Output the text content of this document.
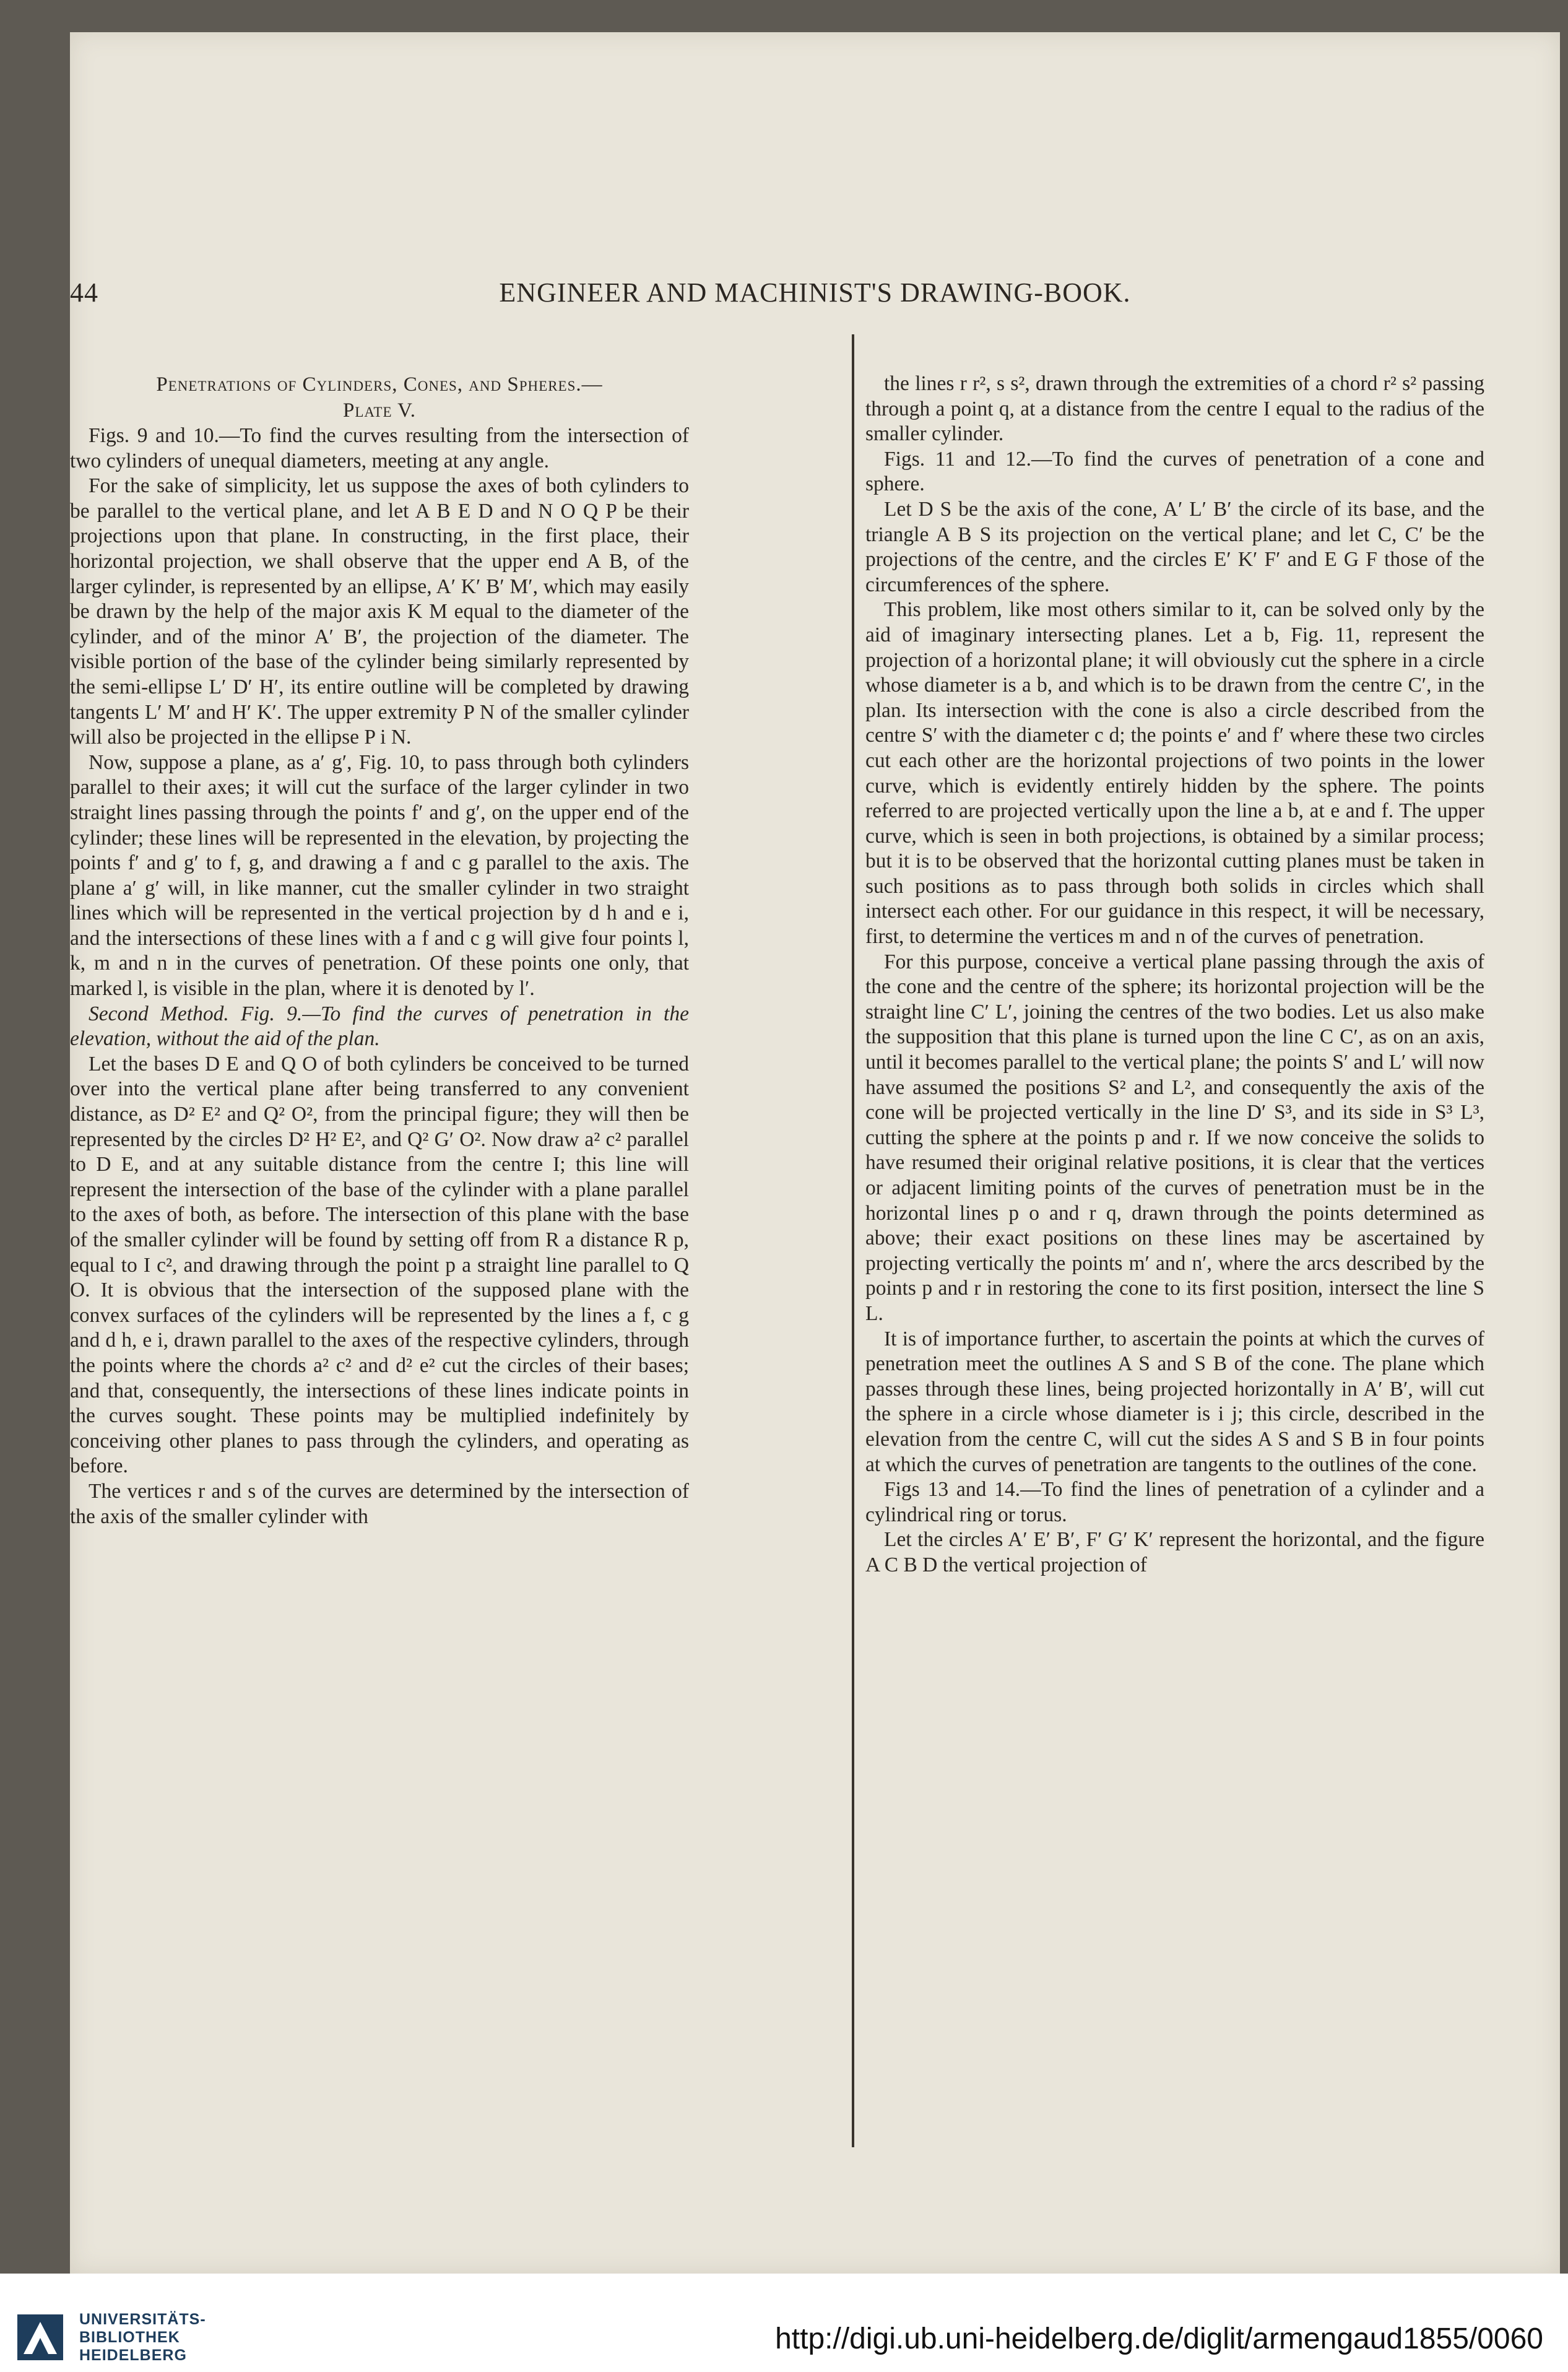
44	ENGINEER AND MACHINIST'S DRAWING-BOOK.
Penetrations of Cylinders, Cones, and Spheres.—
Plate V.

Figs. 9 and 10.—To find the curves resulting from the intersection of two cylinders of unequal diameters, meeting at any angle.

For the sake of simplicity, let us suppose the axes of both cylinders to be parallel to the vertical plane, and let A B E D and N O Q P be their projections upon that plane. In constructing, in the first place, their horizontal projection, we shall observe that the upper end A B, of the larger cylinder, is represented by an ellipse, A′ K′ B′ M′, which may easily be drawn by the help of the major axis K M equal to the diameter of the cylinder, and of the minor A′ B′, the projection of the diameter. The visible portion of the base of the cylinder being similarly represented by the semi-ellipse L′ D′ H′, its entire outline will be completed by drawing tangents L′ M′ and H′ K′. The upper extremity P N of the smaller cylinder will also be projected in the ellipse P i N.

Now, suppose a plane, as a′ g′, Fig. 10, to pass through both cylinders parallel to their axes; it will cut the surface of the larger cylinder in two straight lines passing through the points f′ and g′, on the upper end of the cylinder; these lines will be represented in the elevation, by projecting the points f′ and g′ to f, g, and drawing a f and c g parallel to the axis. The plane a′ g′ will, in like manner, cut the smaller cylinder in two straight lines which will be represented in the vertical projection by d h and e i, and the intersections of these lines with a f and c g will give four points l, k, m and n in the curves of penetration. Of these points one only, that marked l, is visible in the plan, where it is denoted by l′.

Second Method. Fig. 9.—To find the curves of penetration in the elevation, without the aid of the plan.

Let the bases D E and Q O of both cylinders be conceived to be turned over into the vertical plane after being transferred to any convenient distance, as D² E² and Q² O², from the principal figure; they will then be represented by the circles D² H² E², and Q² G′ O². Now draw a² c² parallel to D E, and at any suitable distance from the centre I; this line will represent the intersection of the base of the cylinder with a plane parallel to the axes of both, as before. The intersection of this plane with the base of the smaller cylinder will be found by setting off from R a distance R p, equal to I c², and drawing through the point p a straight line parallel to Q O. It is obvious that the intersection of the supposed plane with the convex surfaces of the cylinders will be represented by the lines a f, c g and d h, e i, drawn parallel to the axes of the respective cylinders, through the points where the chords a² c² and d² e² cut the circles of their bases; and that, consequently, the intersections of these lines indicate points in the curves sought. These points may be multiplied indefinitely by conceiving other planes to pass through the cylinders, and operating as before.

The vertices r and s of the curves are determined by the intersection of the axis of the smaller cylinder with

the lines r r², s s², drawn through the extremities of a chord r² s² passing through a point q, at a distance from the centre I equal to the radius of the smaller cylinder.

Figs. 11 and 12.—To find the curves of penetration of a cone and sphere.

Let D S be the axis of the cone, A′ L′ B′ the circle of its base, and the triangle A B S its projection on the vertical plane; and let C, C′ be the projections of the centre, and the circles E′ K′ F′ and E G F those of the circumferences of the sphere.

This problem, like most others similar to it, can be solved only by the aid of imaginary intersecting planes. Let a b, Fig. 11, represent the projection of a horizontal plane; it will obviously cut the sphere in a circle whose diameter is a b, and which is to be drawn from the centre C′, in the plan. Its intersection with the cone is also a circle described from the centre S′ with the diameter c d; the points e′ and f′ where these two circles cut each other are the horizontal projections of two points in the lower curve, which is evidently entirely hidden by the sphere. The points referred to are projected vertically upon the line a b, at e and f. The upper curve, which is seen in both projections, is obtained by a similar process; but it is to be observed that the horizontal cutting planes must be taken in such positions as to pass through both solids in circles which shall intersect each other. For our guidance in this respect, it will be necessary, first, to determine the vertices m and n of the curves of penetration.

For this purpose, conceive a vertical plane passing through the axis of the cone and the centre of the sphere; its horizontal projection will be the straight line C′ L′, joining the centres of the two bodies. Let us also make the supposition that this plane is turned upon the line C C′, as on an axis, until it becomes parallel to the vertical plane; the points S′ and L′ will now have assumed the positions S² and L², and consequently the axis of the cone will be projected vertically in the line D′ S³, and its side in S³ L³, cutting the sphere at the points p and r. If we now conceive the solids to have resumed their original relative positions, it is clear that the vertices or adjacent limiting points of the curves of penetration must be in the horizontal lines p o and r q, drawn through the points determined as above; their exact positions on these lines may be ascertained by projecting vertically the points m′ and n′, where the arcs described by the points p and r in restoring the cone to its first position, intersect the line S L.

It is of importance further, to ascertain the points at which the curves of penetration meet the outlines A S and S B of the cone. The plane which passes through these lines, being projected horizontally in A′ B′, will cut the sphere in a circle whose diameter is i j; this circle, described in the elevation from the centre C, will cut the sides A S and S B in four points at which the curves of penetration are tangents to the outlines of the cone.

Figs 13 and 14.—To find the lines of penetration of a cylinder and a cylindrical ring or torus.

Let the circles A′ E′ B′, F′ G′ K′ represent the horizontal, and the figure A C B D the vertical projection of

UNIVERSITÄTS-
BIBLIOTHEK
HEIDELBERG	http://digi.ub.uni-heidelberg.de/diglit/armengaud1855/0060
